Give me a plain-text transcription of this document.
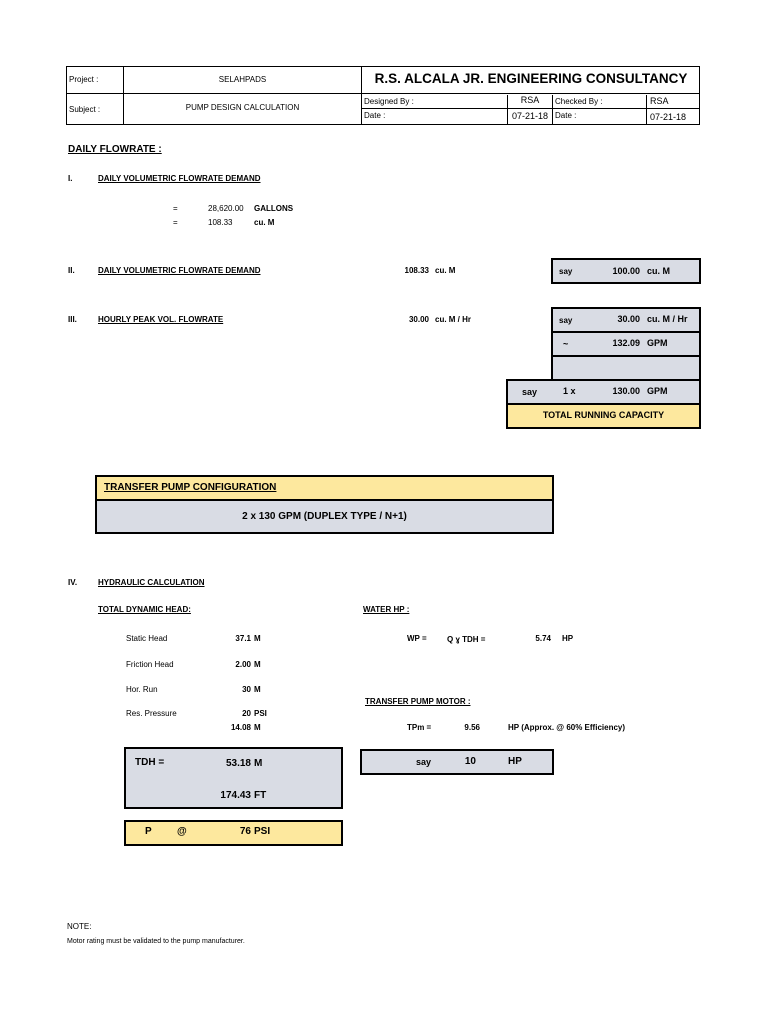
Project :	SELAHPADS	R.S. ALCALA JR. ENGINEERING CONSULTANCY
Subject :	PUMP DESIGN CALCULATION
Designed By :	RSA	Checked By :	RSA
Date :	07-21-18 Date :	07-21-18
DAILY FLOWRATE :
I.	DAILY VOLUMETRIC FLOWRATE DEMAND
=	28,620.00 GALLONS
=	108.33	cu. M
II.	DAILY VOLUMETRIC FLOWRATE DEMAND	108.33 cu. M	say	100.00 cu. M
III.	HOURLY PEAK VOL. FLOWRATE	30.00 cu. M / Hr	say	30.00 cu. M / Hr
~	132.09 GPM
say	1 x	130.00 GPM
TOTAL RUNNING CAPACITY
TRANSFER PUMP CONFIGURATION
2 x 130 GPM (DUPLEX TYPE / N+1)
IV.	HYDRAULIC CALCULATION
TOTAL DYNAMIC HEAD:
Static Head	37.1 M
Friction Head	2.00 M
Hor. Run	30 M
Res. Pressure	20 PSI
14.08 M
TDH =	53.18 M
174.43 FT
P	@	76 PSI
WATER HP :
WP =	Q ɣ TDH =	5.74 HP
TRANSFER PUMP MOTOR :
TPm =	9.56	HP (Approx. @ 60% Efficiency)
say	10	HP
NOTE:
Motor rating must be validated to the pump manufacturer.
